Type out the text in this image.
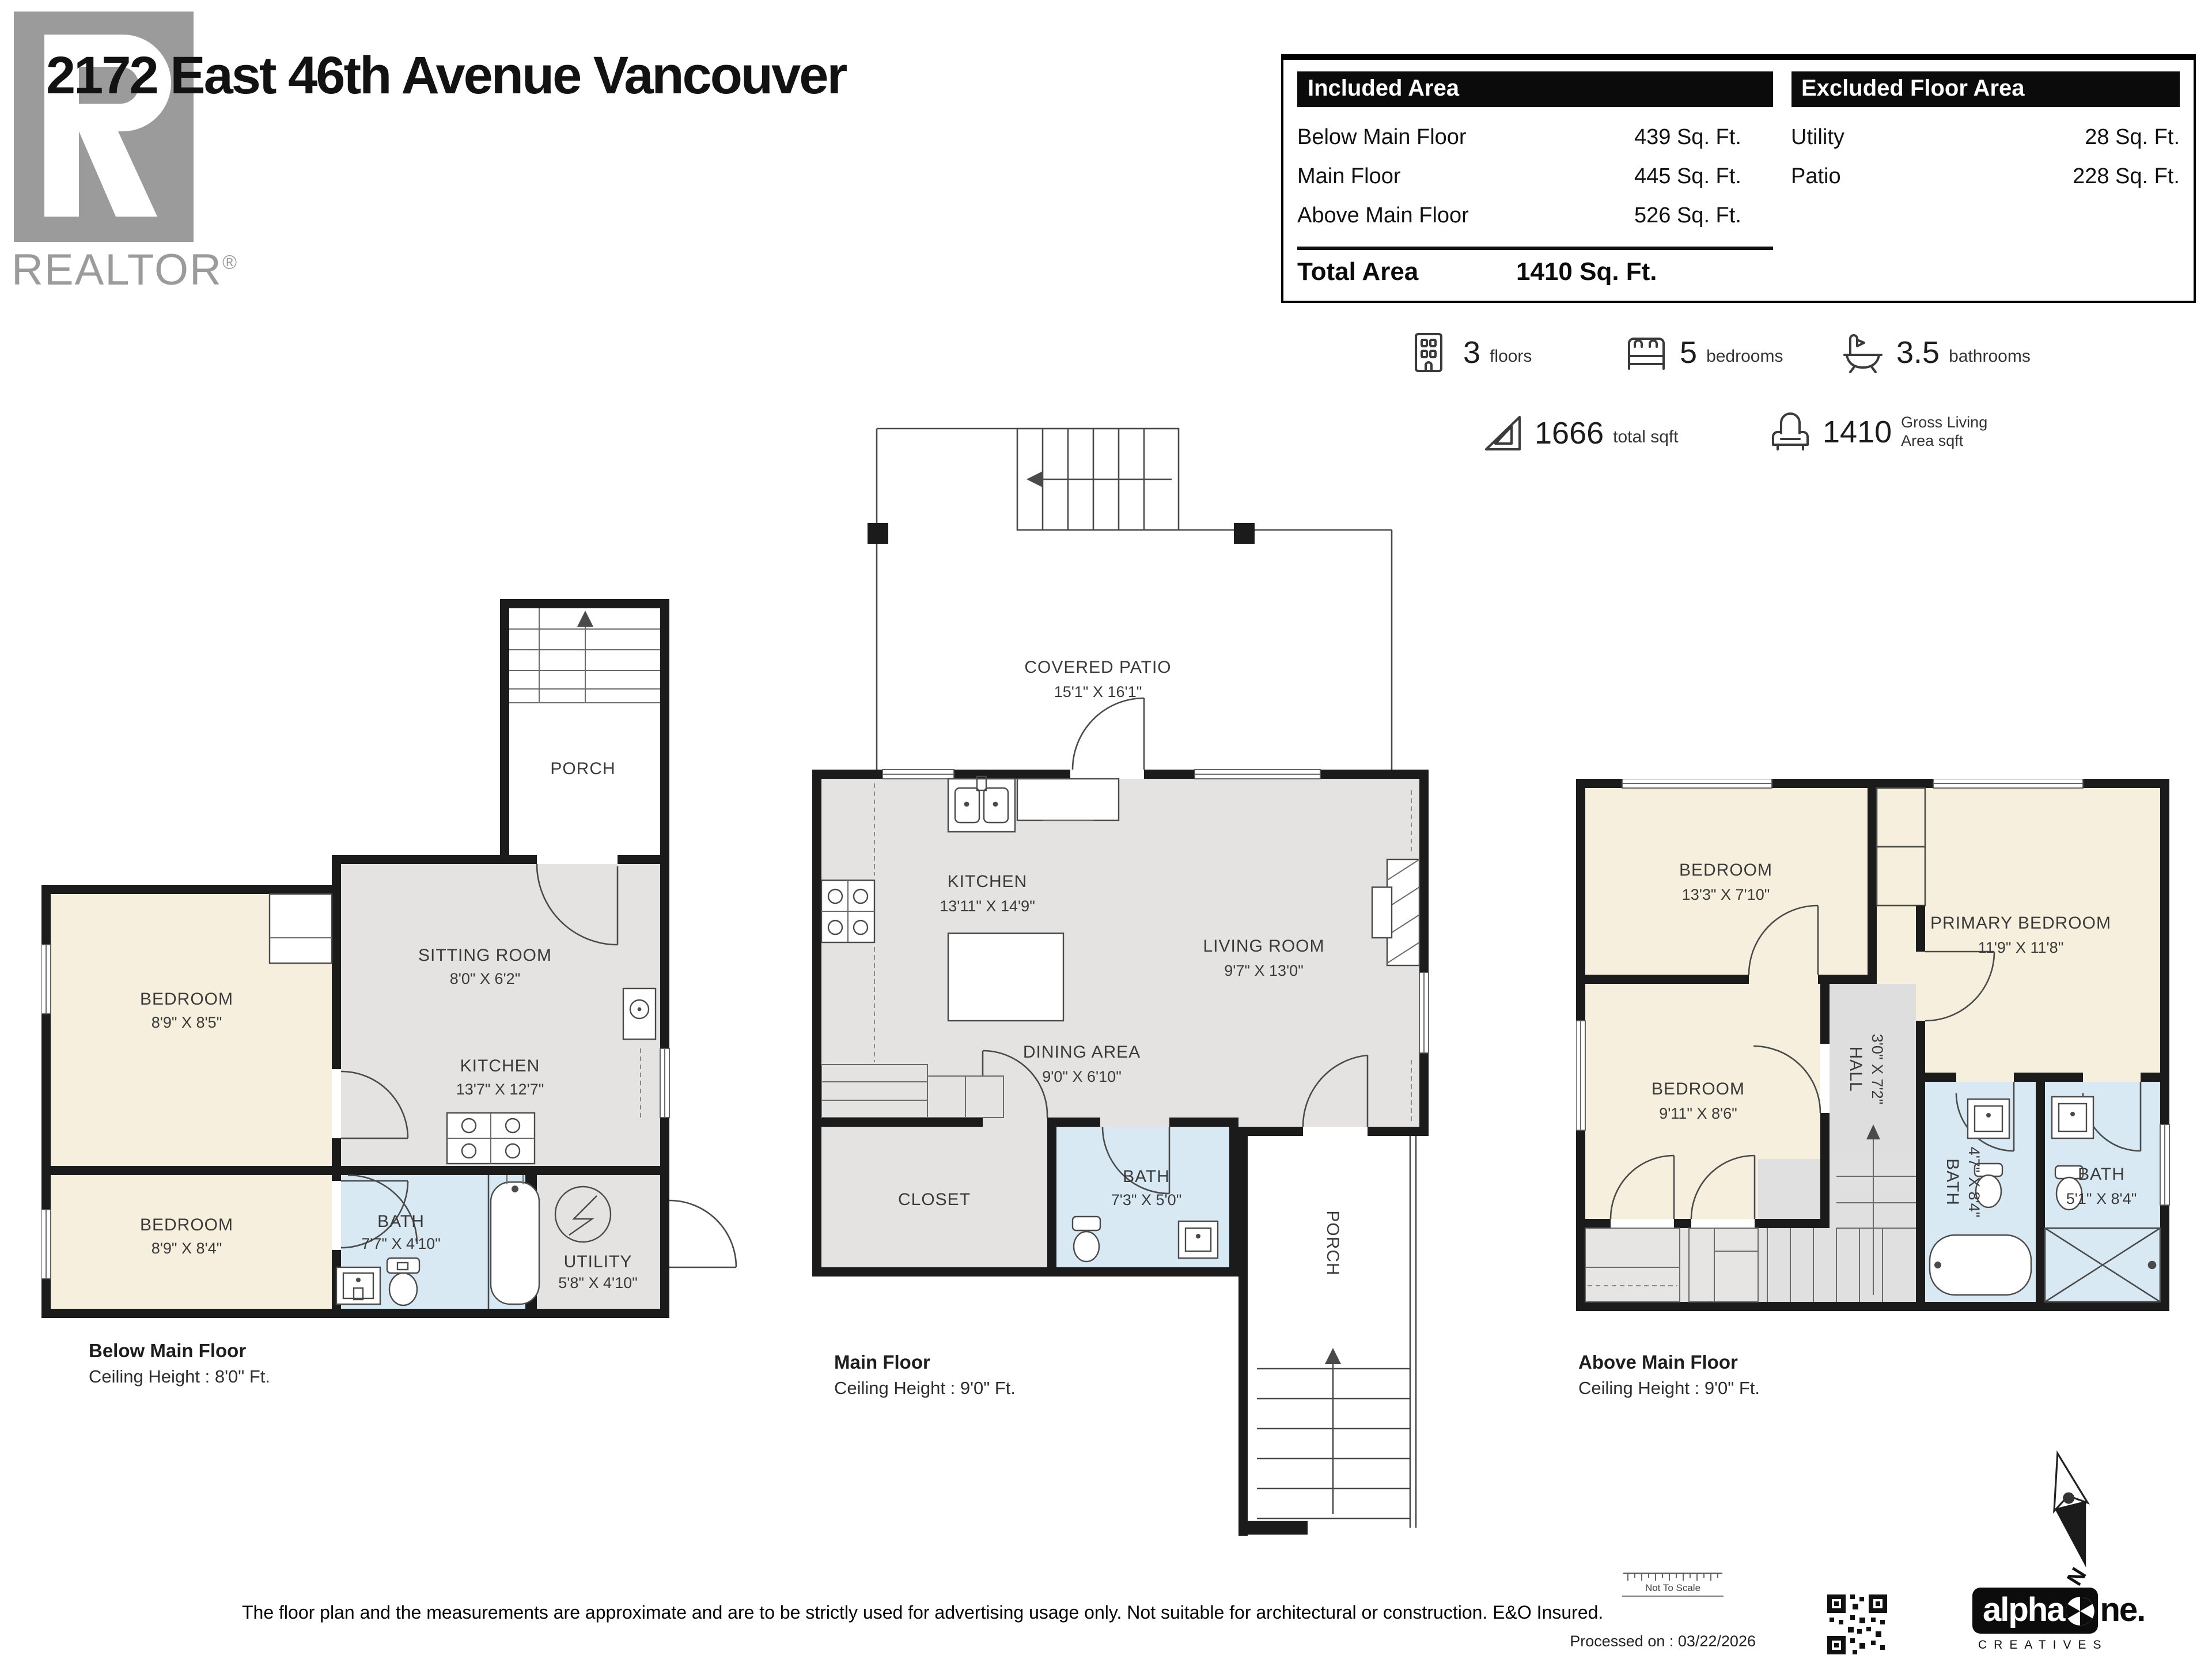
REALTOR®
2172 East 46th Avenue Vancouver	Included Area
Below Main Floor	439 Sq. Ft.
Main Floor	445 Sq. Ft.
Above Main Floor	526 Sq. Ft.
Total Area	1410 Sq. Ft.
Excluded Floor Area
Utility	28 Sq. Ft.
Patio	228 Sq. Ft.
3 floors	5 bedrooms	3.5 bathrooms
1666 total sqft	1410 Gross Living
Area sqft
PORCH
SITTING ROOM
8'0" X 6'2"
KITCHEN
13'7" X 12'7"
BEDROOM
8'9" X 8'5"
BEDROOM
8'9" X 8'4"
BATH
7'7" X 4'10"
UTILITY
5'8" X 4'10"
COVERED PATIO
15'1" X 16'1"
KITCHEN
13'11" X 14'9"
LIVING ROOM
9'7" X 13'0"
DINING AREA
9'0" X 6'10"
CLOSET
BATH
7'3" X 5'0"
PORCH
BEDROOM
13'3" X 7'10"
PRIMARY BEDROOM
11'9" X 11'8"
BEDROOM
9'11" X 8'6"
HALL 3'0" X 7'2"
BATH 4'7" X 8'4"	BATH
5'1" X 8'4"
Below Main Floor
Ceiling Height : 8'0" Ft.
Main Floor
Ceiling Height : 9'0" Ft.
Above Main Floor
Ceiling Height : 9'0" Ft.
The floor plan and the measurements are approximate and are to be strictly used for advertising usage only. Not suitable for architectural or construction. E&O Insured.
Processed on : 03/22/2026
Not To Scale
alpha ne.
CREATIVES
N
